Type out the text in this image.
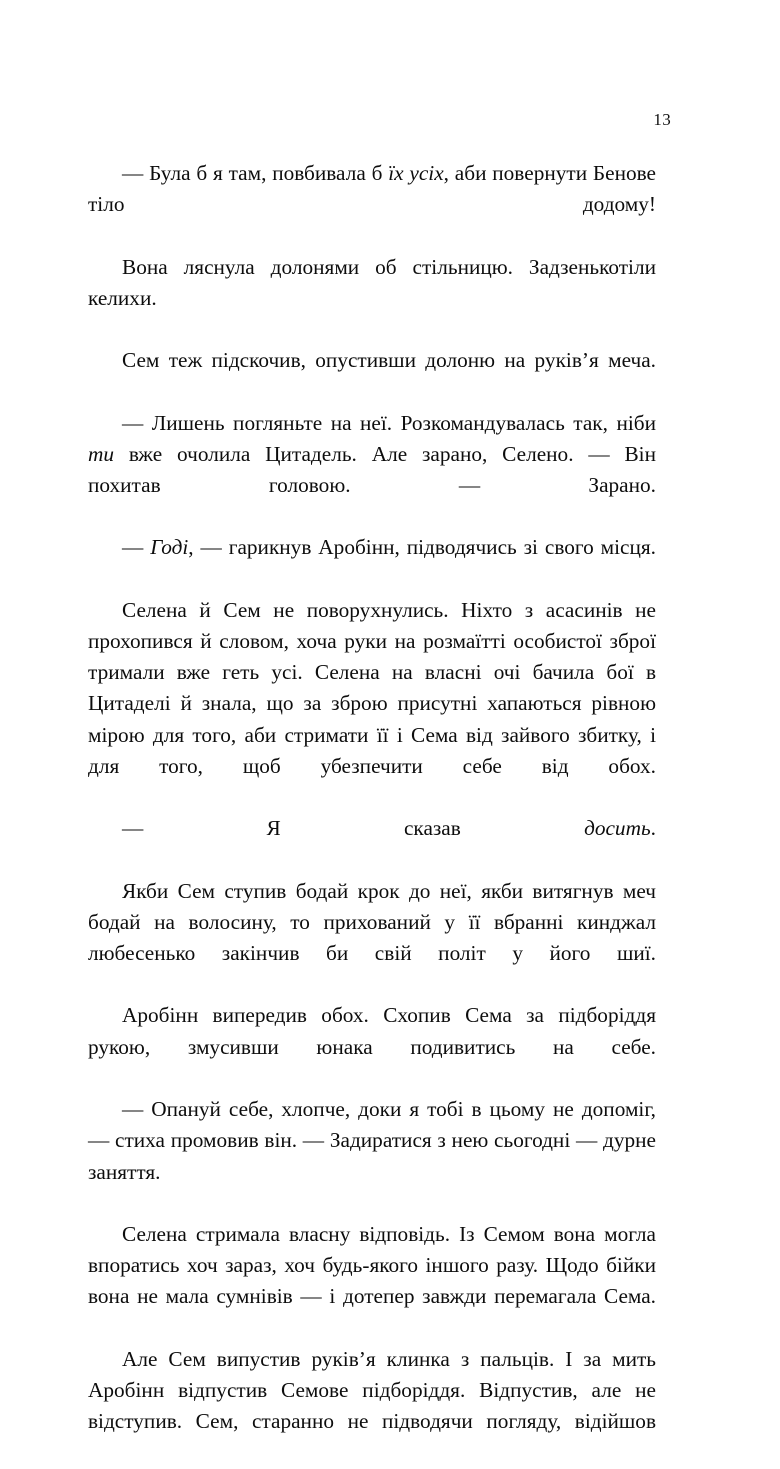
13

— Була б я там, повбивала б їх усіх, аби повернути Бенове тіло додому!

Вона ляснула долонями об стільницю. Задзенькотіли келихи.

Сем теж підскочив, опустивши долоню на руків’я меча.

— Лишень погляньте на неї. Розкомандувалась так, ніби ти вже очолила Цитадель. Але зарано, Селено. — Він похитав головою. — Зарано.

— Годі, — гарикнув Аробінн, підводячись зі свого місця.

Селена й Сем не поворухнулись. Ніхто з асасинів не прохопився й словом, хоча руки на розмаїтті особистої зброї тримали вже геть усі. Селена на власні очі бачила бої в Цитаделі й знала, що за зброю присутні хапаються рівною мірою для того, аби стримати її і Сема від зайвого збитку, і для того, щоб убезпечити себе від обох.

— Я сказав досить.

Якби Сем ступив бодай крок до неї, якби витягнув меч бодай на волосину, то прихований у її вбранні кинджал любесенько закінчив би свій політ у його шиї.

Аробінн випередив обох. Схопив Сема за підборіддя рукою, змусивши юнака подивитись на себе.

— Опануй себе, хлопче, доки я тобі в цьому не допоміг, — стиха промовив він. — Задиратися з нею сьогодні — дурне заняття.

Селена стримала власну відповідь. Із Семом вона могла впоратись хоч зараз, хоч будь-якого іншого разу. Щодо бійки вона не мала сумнівів — і дотепер завжди перемагала Сема.

Але Сем випустив руків’я клинка з пальців. І за мить Аробінн відпустив Семове підборіддя. Відпустив, але не відступив. Сем, старанно не підводячи погляду, відійшов
